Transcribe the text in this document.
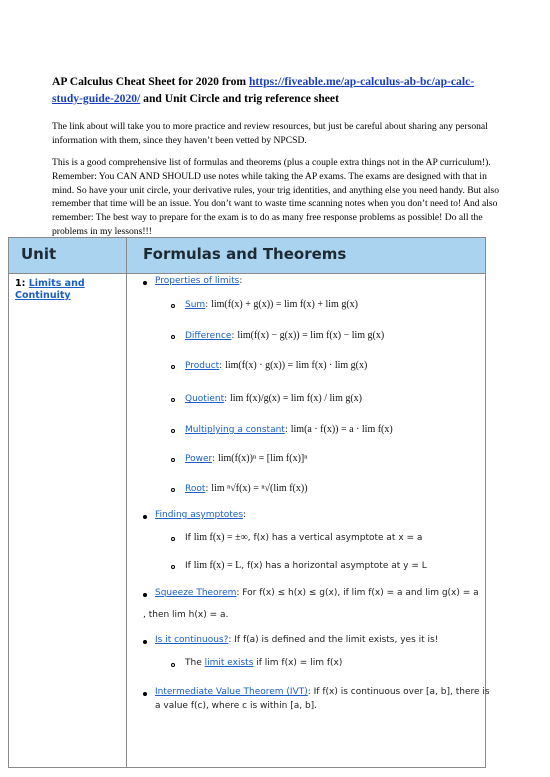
AP Calculus Cheat Sheet for 2020 from https://fiveable.me/ap-calculus-ab-bc/ap-calc-study-guide-2020/ and Unit Circle and trig reference sheet
The link about will take you to more practice and review resources, but just be careful about sharing any personal information with them, since they haven’t been vetted by NPCSD.
This is a good comprehensive list of formulas and theorems (plus a couple extra things not in the AP curriculum!). Remember: You CAN AND SHOULD use notes while taking the AP exams. The exams are designed with that in mind. So have your unit circle, your derivative rules, your trig identities, and anything else you need handy. But also remember that time will be an issue. You don’t want to waste time scanning notes when you don’t need to! And also remember: The best way to prepare for the exam is to do as many free response problems as possible! Do all the problems in my lessons!!!
Unit	Formulas and Theorems
1: Limits and Continuity
Properties of limits:
Sum: lim(f(x) + g(x)) = lim f(x) + lim g(x)
Difference: lim(f(x) − g(x)) = lim f(x) − lim g(x)
Product: lim(f(x) · g(x)) = lim f(x) · lim g(x)
Quotient: lim f(x)/g(x) = lim f(x) / lim g(x)
Multiplying a constant: lim(a · f(x)) = a · lim f(x)
Power: lim(f(x))ⁿ = [lim f(x)]ⁿ
Root: lim ⁿ√f(x) = ⁿ√(lim f(x))
Finding asymptotes:
If lim f(x) = ±∞, f(x) has a vertical asymptote at x = a
If lim f(x) = L, f(x) has a horizontal asymptote at y = L
Squeeze Theorem: For f(x) ≤ h(x) ≤ g(x), if lim f(x) = a and lim g(x) = a
, then lim h(x) = a.
Is it continuous?: If f(a) is defined and the limit exists, yes it is!
The limit exists if lim f(x) = lim f(x)
Intermediate Value Theorem (IVT): If f(x) is continuous over [a, b], there is
a value f(c), where c is within [a, b].
